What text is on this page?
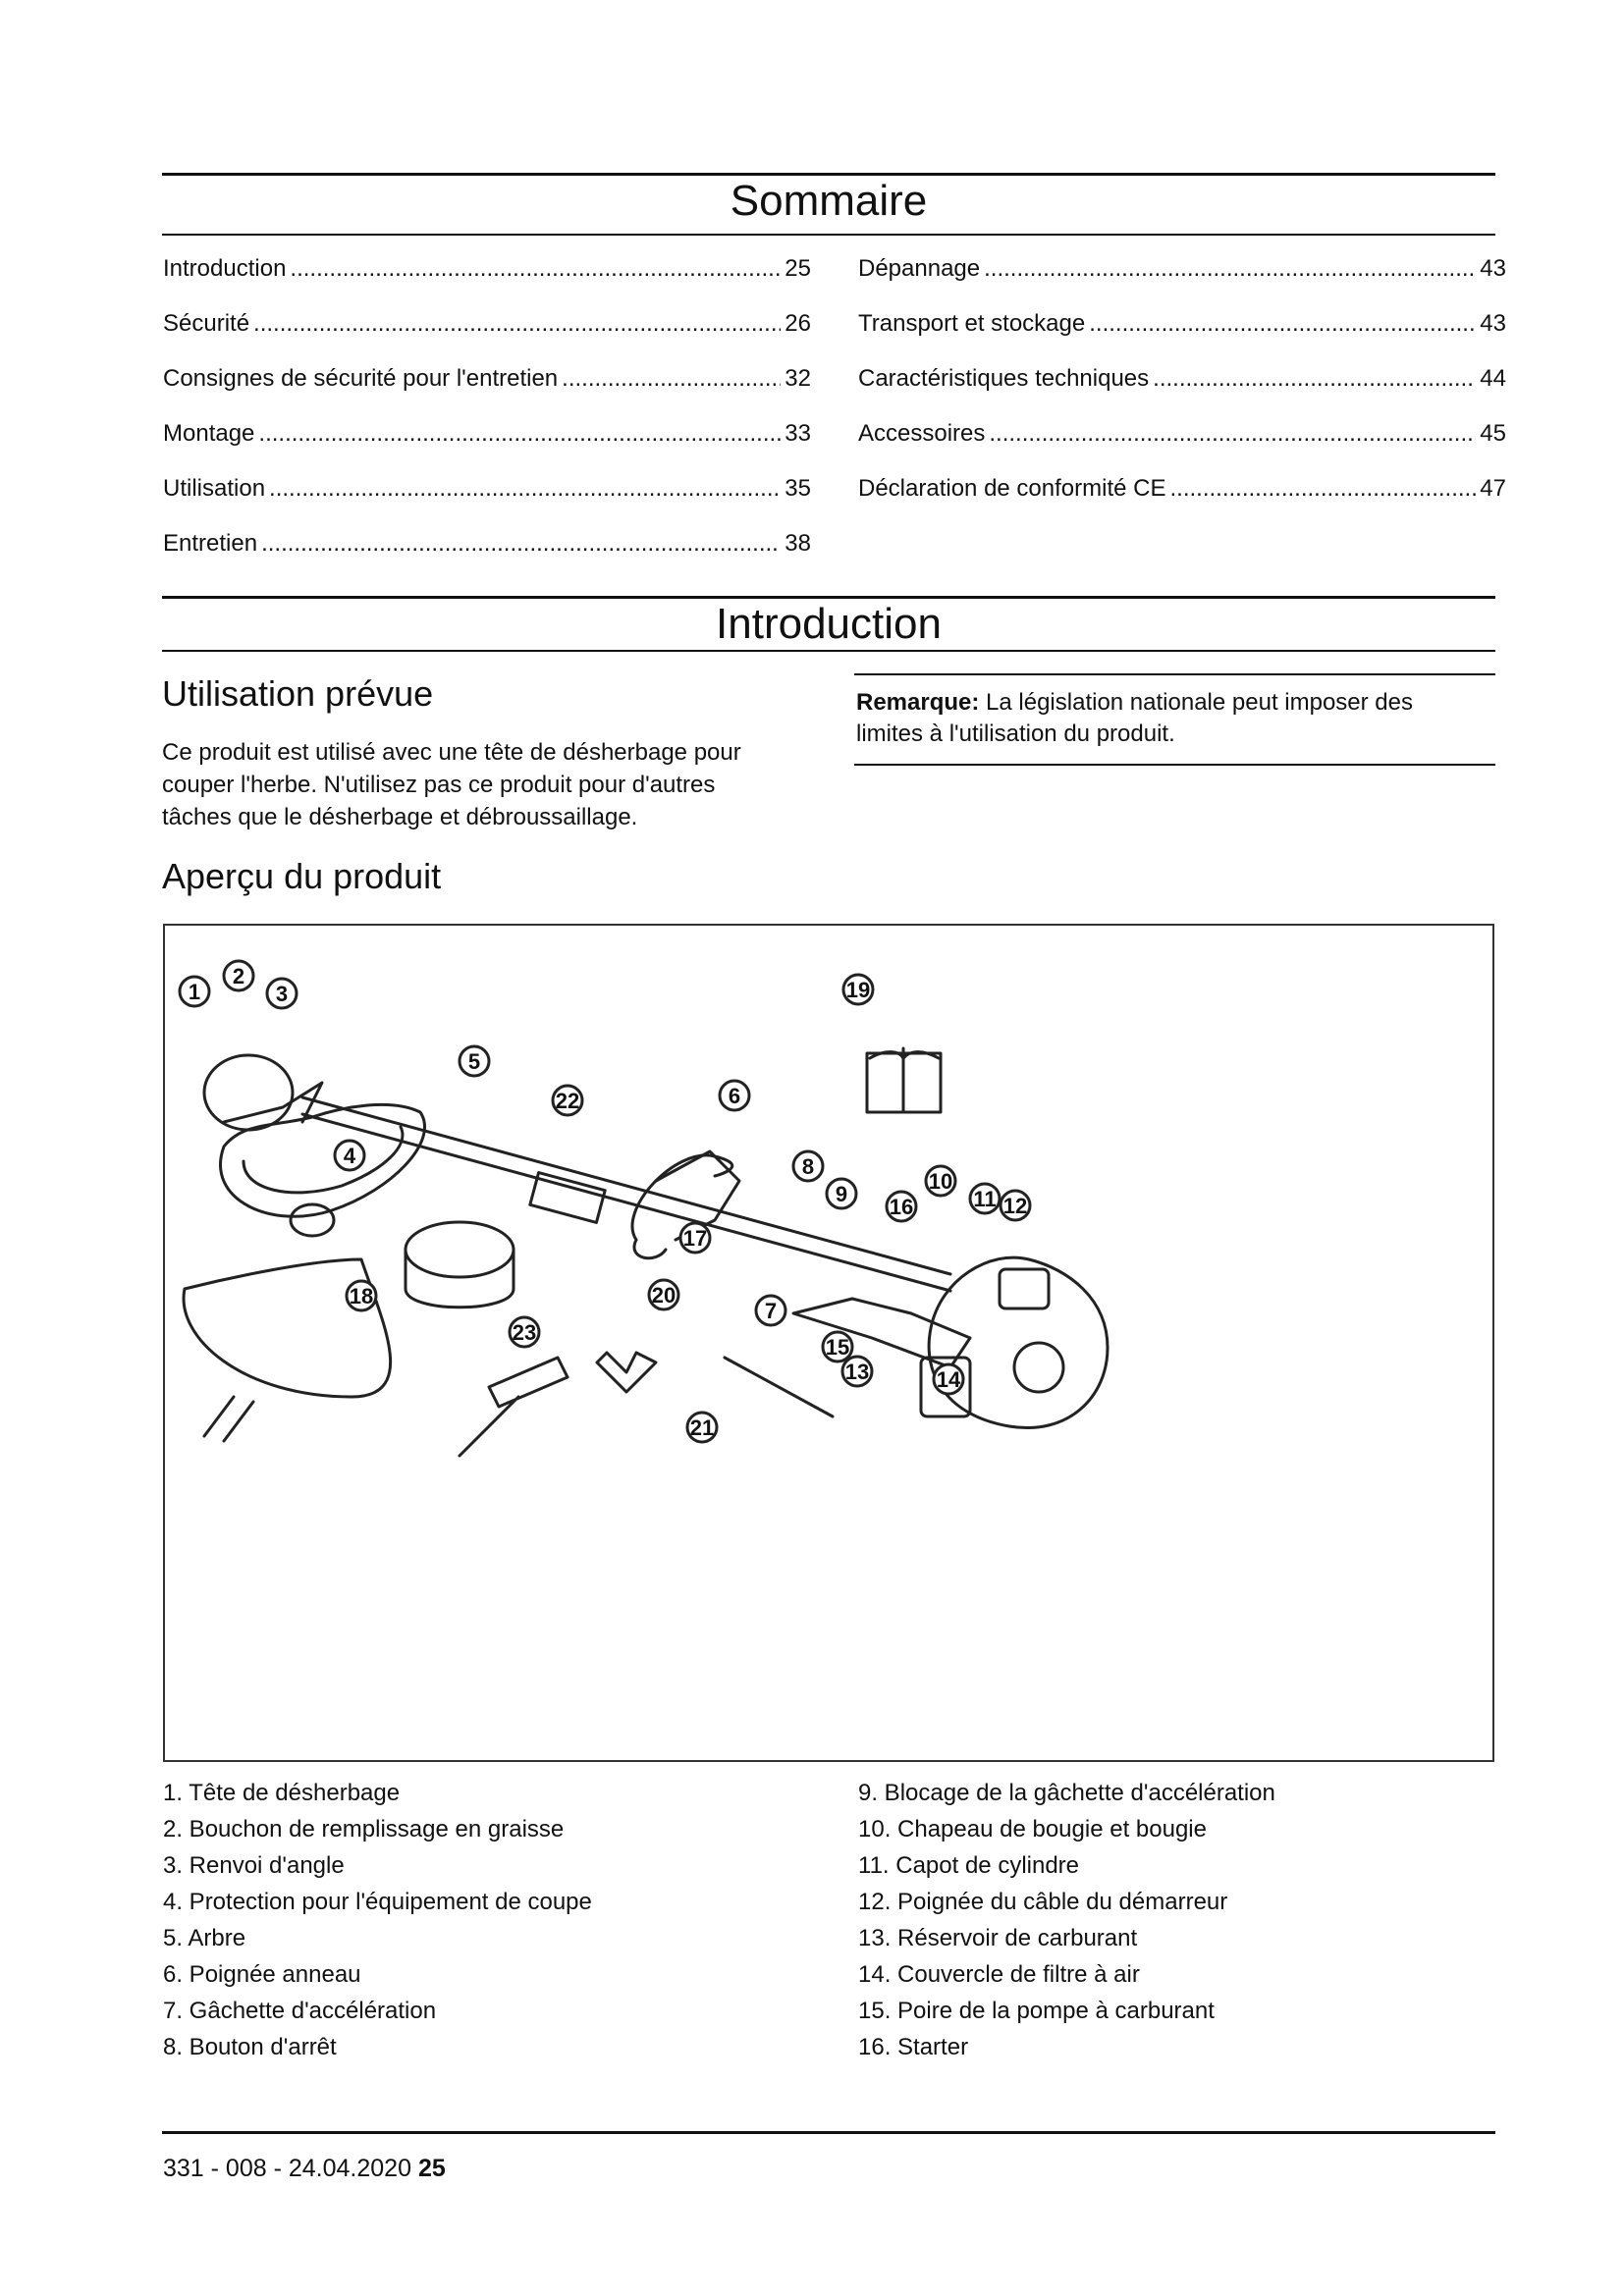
Sommaire
Introduction .....	25
Sécurité .....	26
Consignes de sécurité pour l'entretien .....	32
Montage .....	33
Utilisation .....	35
Entretien .....	38
Dépannage .....	43
Transport et stockage .....	43
Caractéristiques techniques .....	44
Accessoires .....	45
Déclaration de conformité CE .....	47
Introduction
Utilisation prévue
Ce produit est utilisé avec une tête de désherbage pour
couper l'herbe. N'utilisez pas ce produit pour d'autres
tâches que le désherbage et débroussaillage.
Remarque: La législation nationale peut imposer des
limites à l'utilisation du produit.
Aperçu du produit
1
2
3
4
5
6
7
8
9
10
11 12
13	14
15
16
17
18
19
20
21
22
23
1. Tête de désherbage
2. Bouchon de remplissage en graisse
3. Renvoi d'angle
4. Protection pour l'équipement de coupe
5. Arbre
6. Poignée anneau
7. Gâchette d'accélération
8. Bouton d'arrêt
9. Blocage de la gâchette d'accélération
10. Chapeau de bougie et bougie
11. Capot de cylindre
12. Poignée du câble du démarreur
13. Réservoir de carburant
14. Couvercle de filtre à air
15. Poire de la pompe à carburant
16. Starter
331 - 008 - 24.04.2020 25
